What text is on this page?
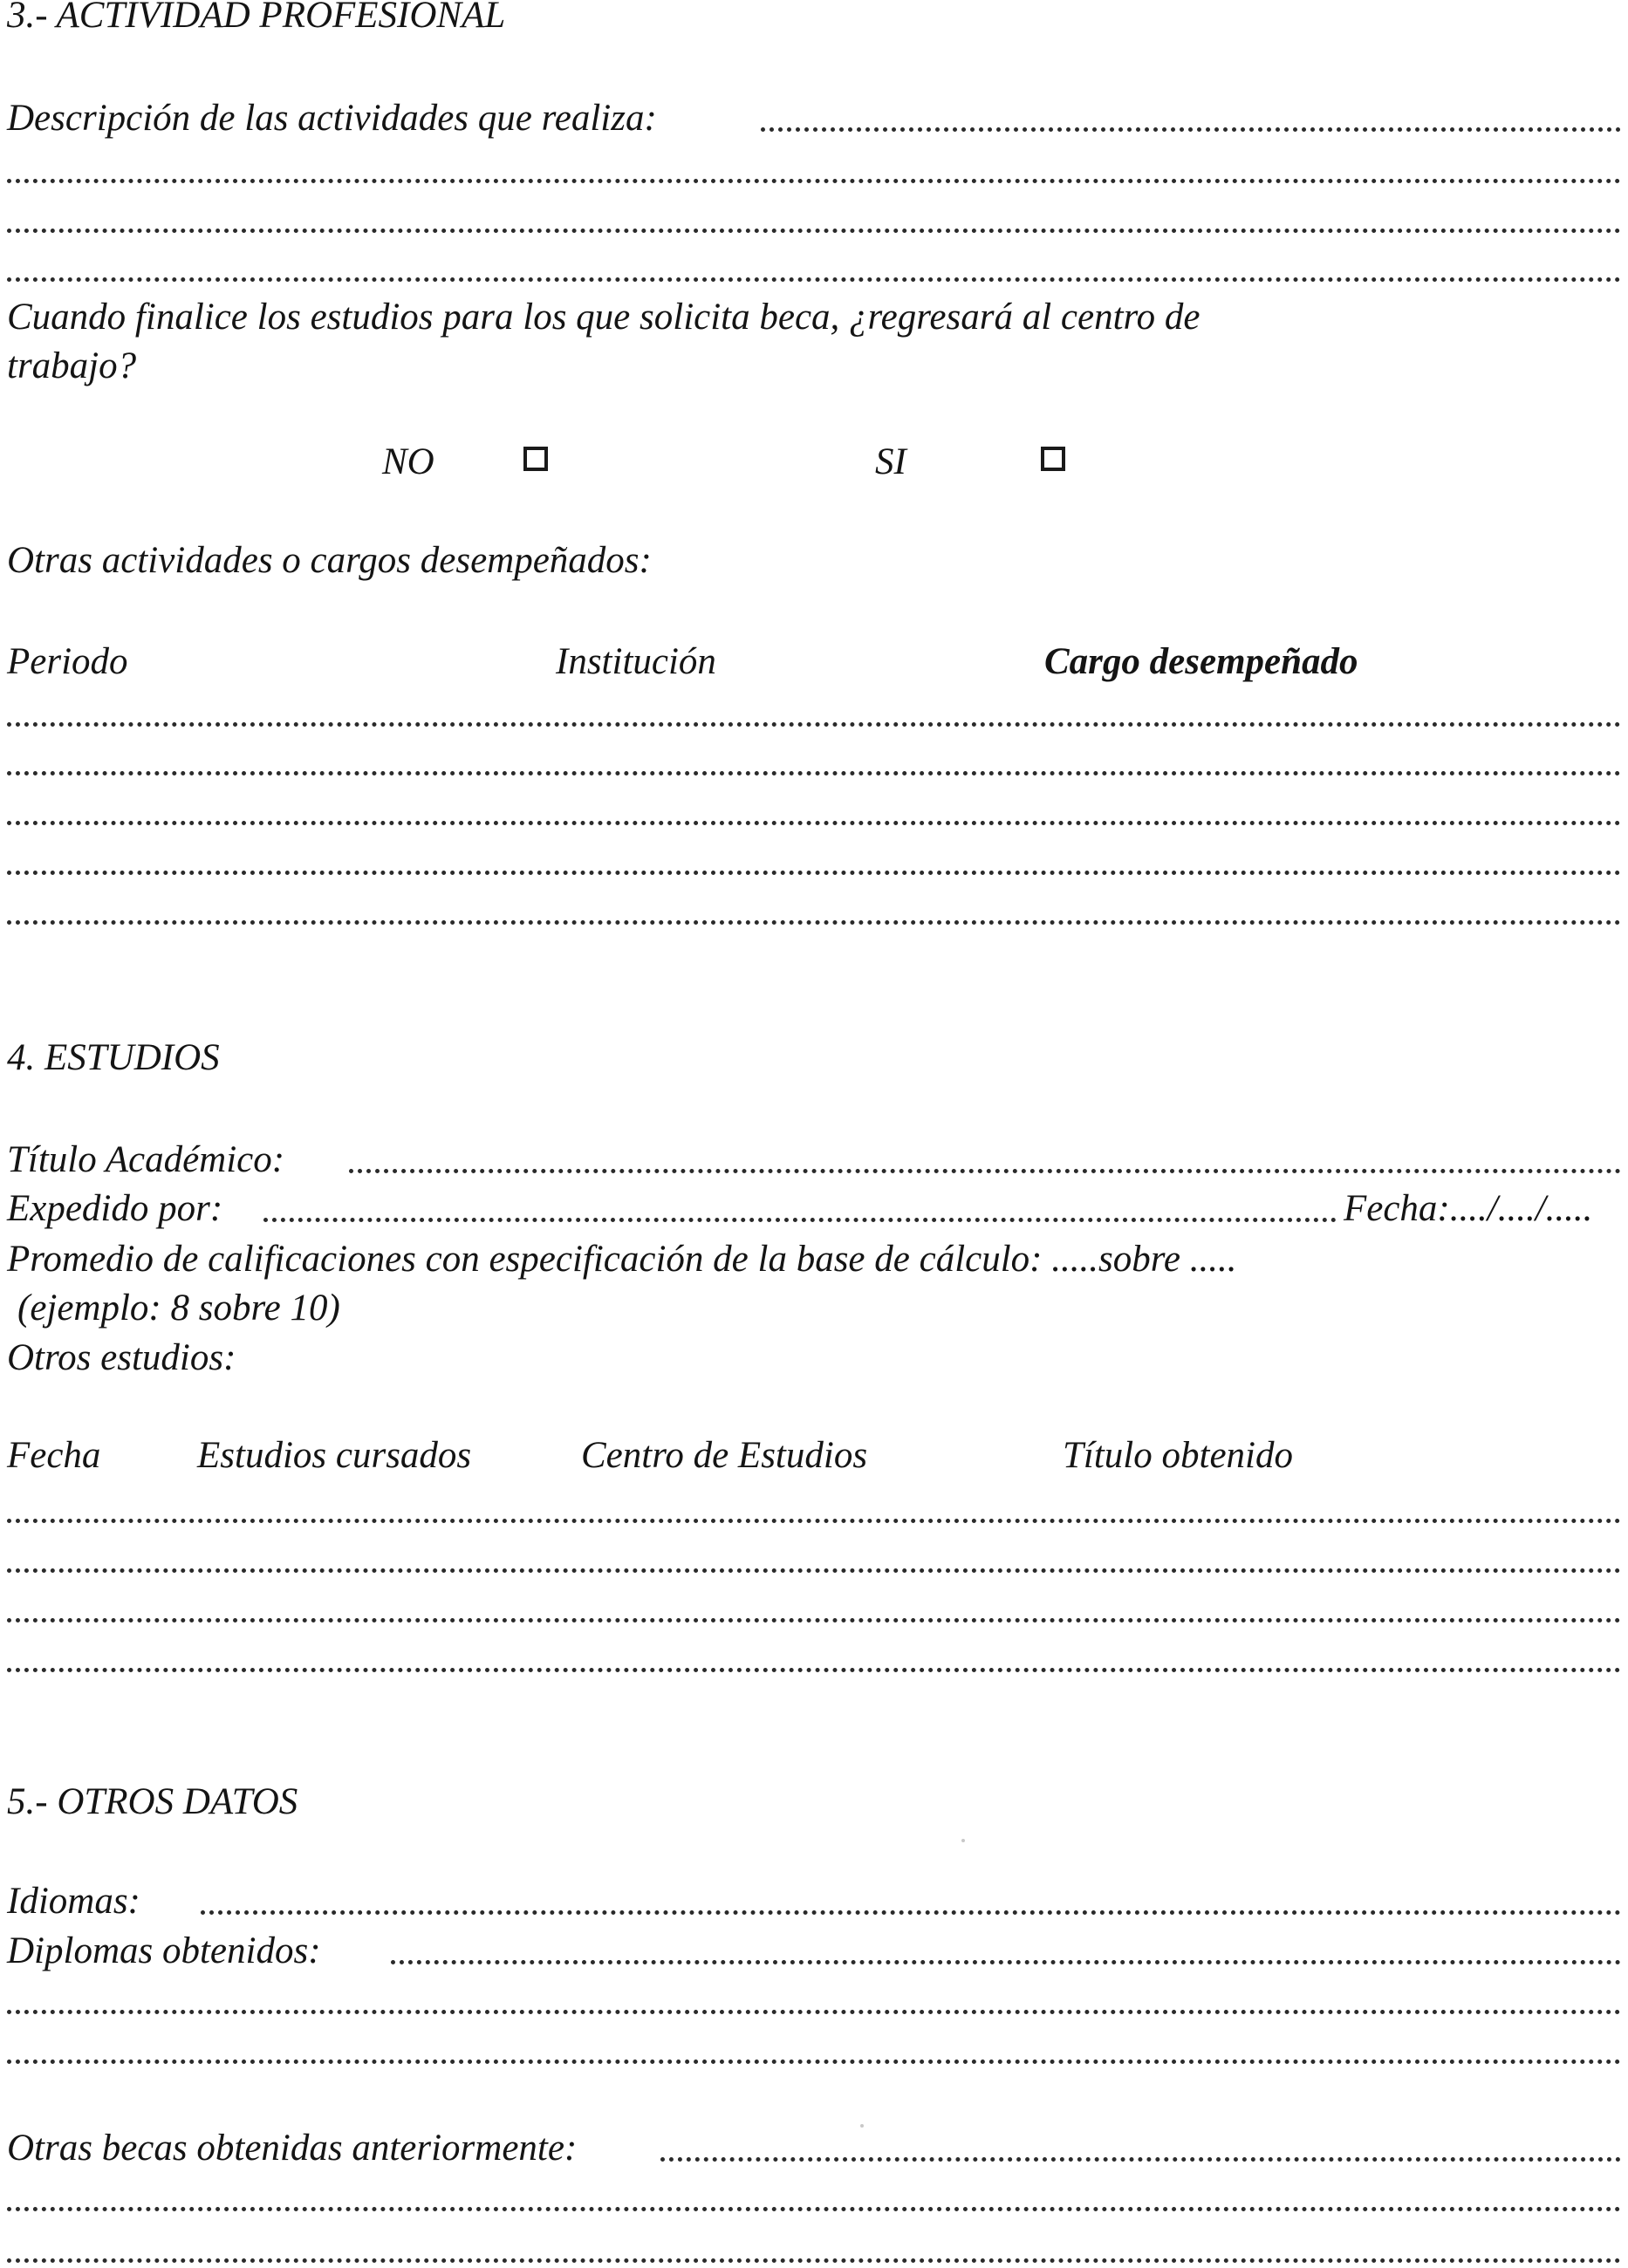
3.- ACTIVIDAD PROFESIONAL
Descripción de las actividades que realiza:
Cuando finalice los estudios para los que solicita beca, ¿regresará al centro de
trabajo?
NO	SI
Otras actividades o cargos desempeñados:
Periodo	Institución	Cargo desempeñado
4. ESTUDIOS
Título Académico:
Expedido por:	Fecha:..../..../.....
Promedio de calificaciones con especificación de la base de cálculo: .....sobre .....
(ejemplo: 8 sobre 10)
Otros estudios:
Fecha	Estudios cursados	Centro de Estudios	Título obtenido
5.- OTROS DATOS
Idiomas:
Diplomas obtenidos:
Otras becas obtenidas anteriormente:
